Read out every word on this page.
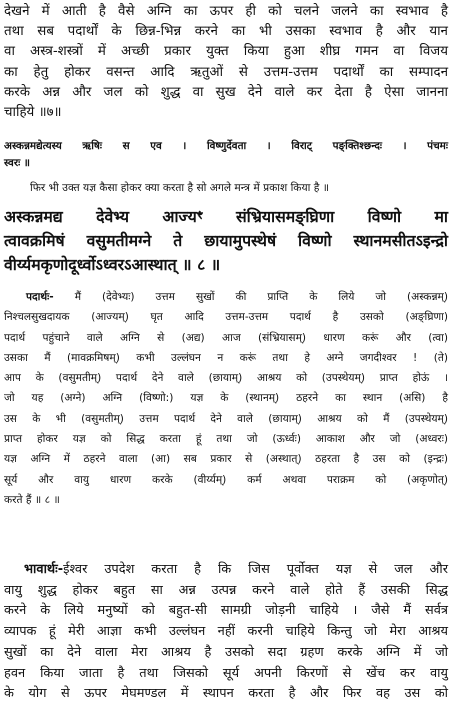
देखने में आती है वैसे अग्नि का ऊपर ही को चलने जलने का स्वभाव है
तथा सब पदार्थों के छिन्न-भिन्न करने का भी उसका स्वभाव है और यान
वा अस्त्र-शस्त्रों में अच्छी प्रकार युक्त किया हुआ शीघ्र गमन वा विजय
का हेतु होकर वसन्त आदि ऋतुओं से उत्तम-उत्तम पदार्थों का सम्पादन
करके अन्न और जल को शुद्ध वा सुख देने वाले कर देता है ऐसा जानना
चाहिये ॥७॥
अस्कन्नमद्येत्यस्य ऋषिः स एव । विष्णुर्देवता । विराट् पङ्क्तिश्छन्दः । पंचमः
स्वरः ॥
फिर भी उक्त यज्ञ कैसा होकर क्या करता है सो अगले मन्त्र में प्रकाश किया है ॥
अस्कन्नमद्य देवेभ्य आज्यꣳ संभ्रियासमङ्घ्रिणा विष्णो मा
त्वावक्रमिषं वसुमतीमग्ने ते छायामुपस्थेषं विष्णो स्थानमसीतऽइन्द्रो
वीर्य्यमकृणोदूर्ध्वोऽध्वरऽआस्थात् ॥ ८ ॥
पदार्थः- मैं (देवेभ्यः) उत्तम सुखों की प्राप्ति के लिये जो (अस्कन्नम्)
निश्चलसुखदायक (आज्यम्) घृत आदि उत्तम-उत्तम पदार्थ है उसको (अङ्घ्रिणा)
पदार्थ पहुंचाने वाले अग्नि से (अद्य) आज (संभ्रियासम्) धारण करूं और (त्वा)
उसका मैं (मावक्रमिषम्) कभी उल्लंघन न करूं तथा हे अग्ने जगदीश्वर ! (ते)
आप के (वसुमतीम्) पदार्थ देने वाले (छायाम्) आश्रय को (उपस्थेयम्) प्राप्त होऊं ।
जो यह (अग्ने) अग्नि (विष्णो:) यज्ञ के (स्थानम्) ठहरने का स्थान (असि) है
उस के भी (वसुमतीम्) उत्तम पदार्थ देने वाले (छायाम्) आश्रय को मैं (उपस्थेयम्)
प्राप्त होकर यज्ञ को सिद्ध करता हूं तथा जो (ऊर्ध्वः) आकाश और जो (अध्वरः)
यज्ञ अग्नि में ठहरने वाला (आ) सब प्रकार से (अस्थात्) ठहरता है उस को (इन्द्रः)
सूर्य और वायु धारण करके (वीर्य्यम्) कर्म अथवा पराक्रम को (अकृणोत्)
करते हैं ॥ ८ ॥
भावार्थः-ईश्वर उपदेश करता है कि जिस पूर्वोक्त यज्ञ से जल और
वायु शुद्ध होकर बहुत सा अन्न उत्पन्न करने वाले होते हैं उसकी सिद्ध
करने के लिये मनुष्यों को बहुत-सी सामग्री जोड़नी चाहिये । जैसे मैं सर्वत्र
व्यापक हूं मेरी आज्ञा कभी उल्लंघन नहीं करनी चाहिये किन्तु जो मेरा आश्रय
सुखों का देने वाला मेरा आश्रय है उसको सदा ग्रहण करके अग्नि में जो
हवन किया जाता है तथा जिसको सूर्य अपनी किरणों से खेंच कर वायु
के योग से ऊपर मेघमण्डल में स्थापन करता है और फिर वह उस को
